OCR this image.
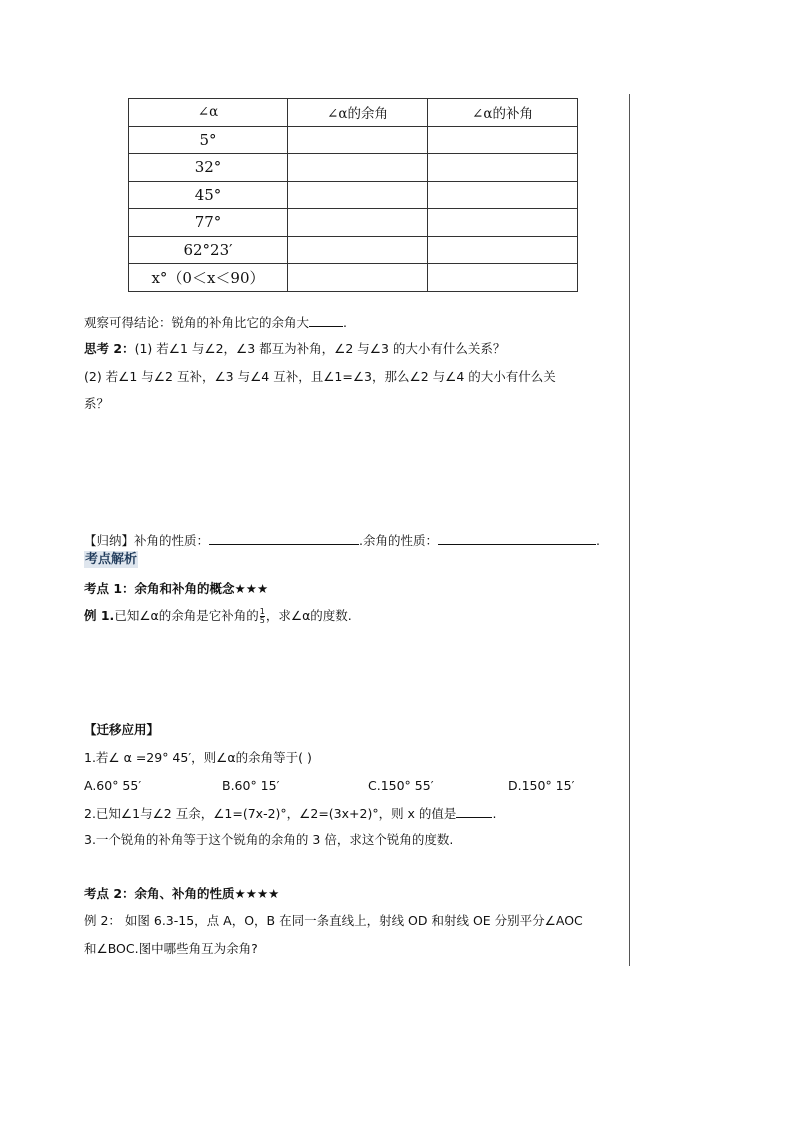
∠α	∠α的余角	∠α的补角
5°		
32°		
45°		
77°		
62°23′		
x°（0＜x＜90）		
观察可得结论：锐角的补角比它的余角大	.
思考 2：(1) 若∠1 与∠2，∠3 都互为补角，∠2 与∠3 的大小有什么关系？
(2) 若∠1 与∠2 互补，∠3 与∠4 互补，且∠1=∠3，那么∠2 与∠4 的大小有什么关
系？
【归纳】补角的性质：	.余角的性质：	.
考点解析
考点 1：余角和补角的概念★★★
例 1.已知∠α的余角是它补角的 $\frac{1}{5}$ ，求∠α的度数.
【迁移应用】
1.若∠ α =29° 45′，则∠α的余角等于( )
A.60° 55′	B.60° 15′	C.150° 55′	D.150° 15′
2.已知∠1与∠2 互余，∠1=(7x-2)°，∠2=(3x+2)°，则 x 的值是	.
3.一个锐角的补角等于这个锐角的余角的 3 倍，求这个锐角的度数.
考点 2：余角、补角的性质★★★★
例 2： 如图 6.3-15，点 A，O，B 在同一条直线上，射线 OD 和射线 OE 分别平分∠AOC
和∠BOC.图中哪些角互为余角?
